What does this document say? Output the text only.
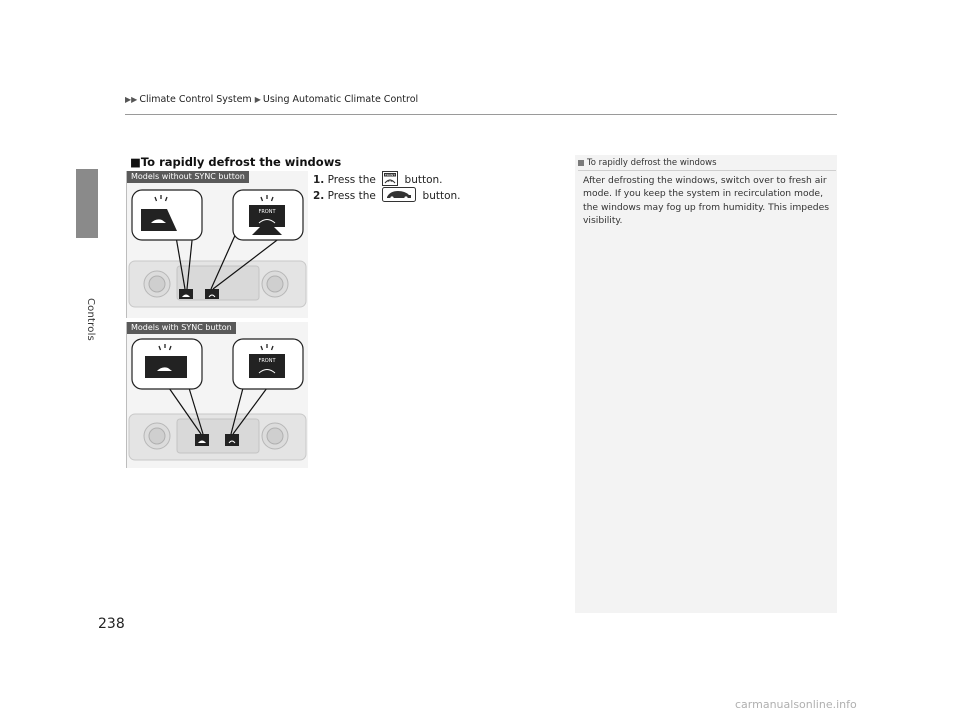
Controls
▶▶ Climate Control System ▶ Using Automatic Climate Control
■To rapidly defrost the windows
1. Press the	FRONT button.
2. Press the	button.
Models without SYNC button
FRONT
Models with SYNC button
FRONT
To rapidly defrost the windows
After defrosting the windows, switch over to fresh air mode. If you keep the system in recirculation mode, the windows may fog up from humidity. This impedes visibility.
238
carmanualsonline.info
